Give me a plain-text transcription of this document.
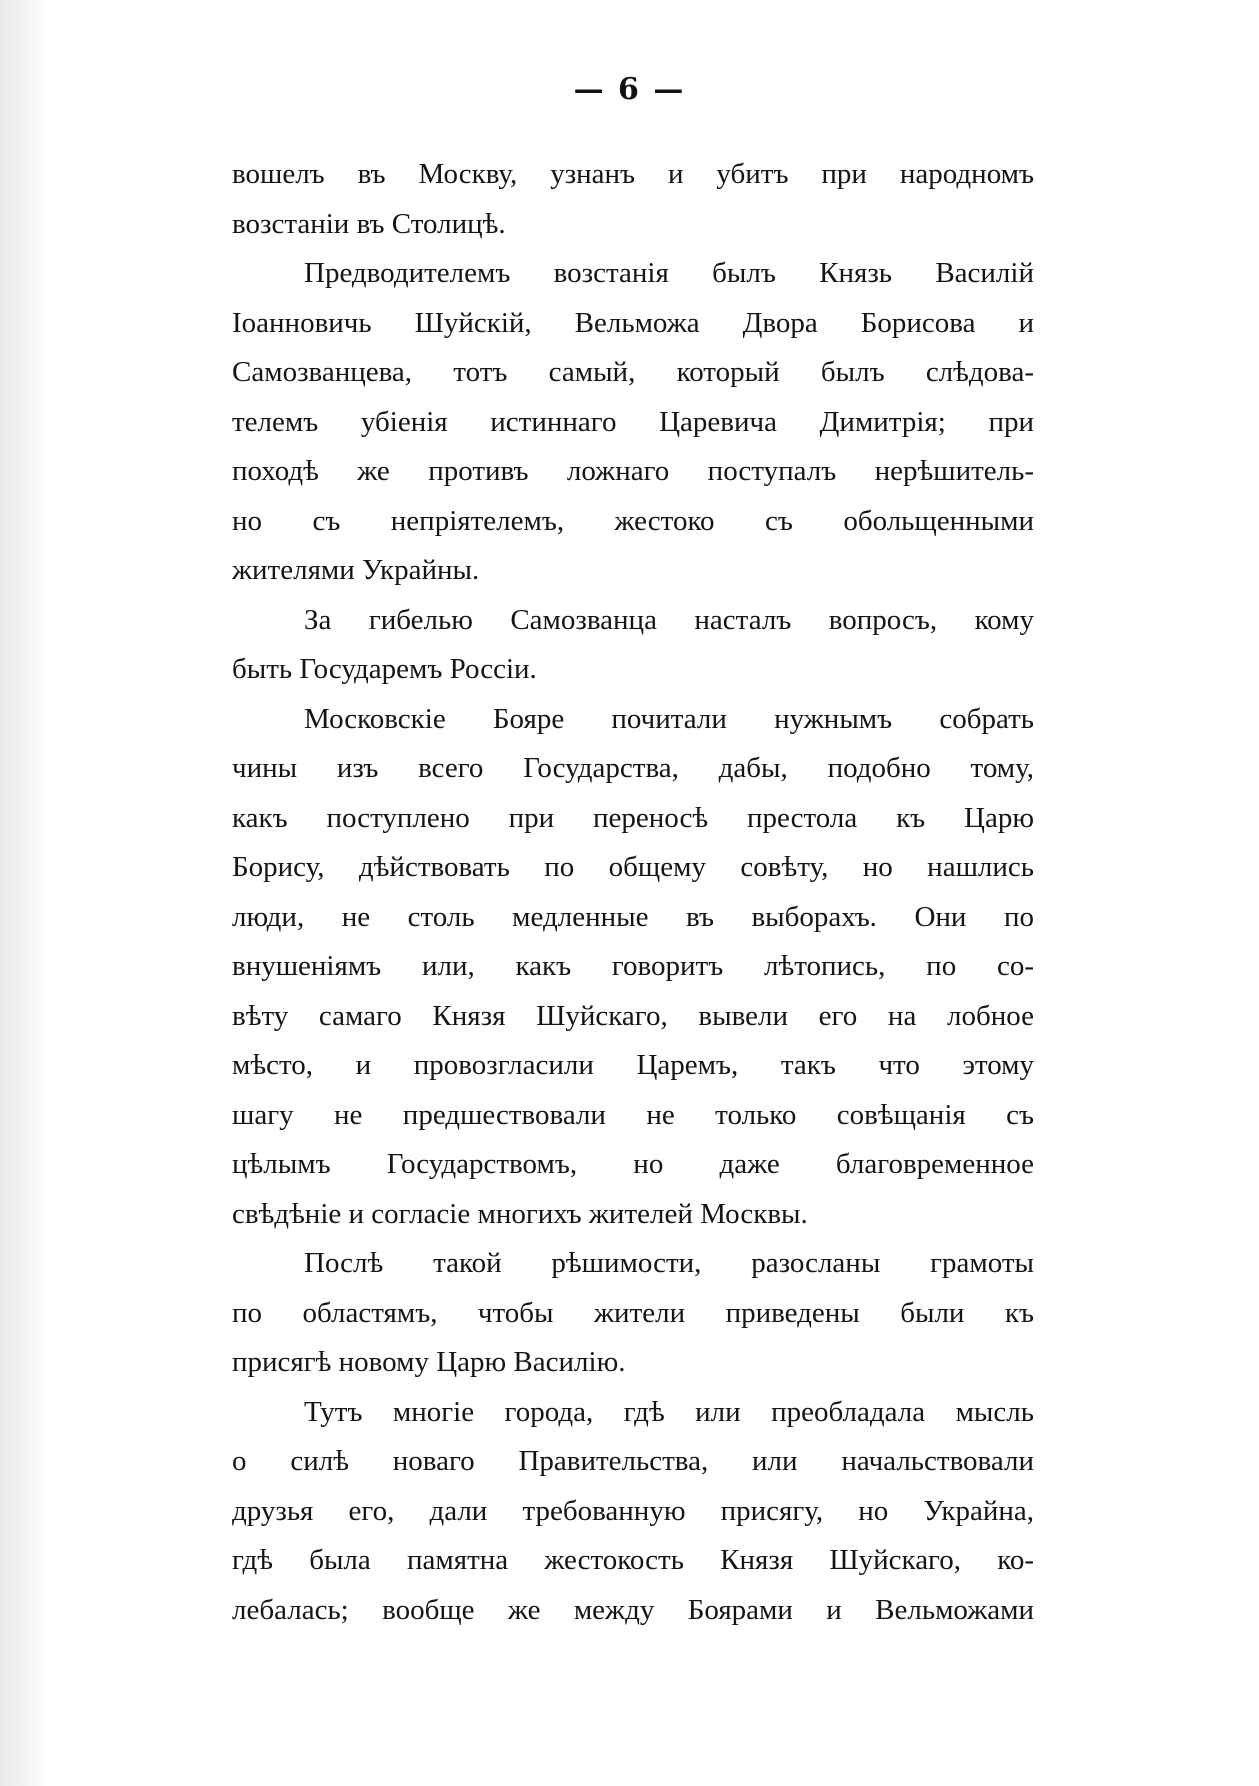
— 6 —
вошелъ въ Москву, узнанъ и убитъ при народномъ
возстаніи въ Столицѣ.
Предводителемъ возстанія былъ Князь Василій
Іоанновичь Шуйскій, Вельможа Двора Борисова и
Самозванцева, тотъ самый, который былъ слѣдова-
телемъ убіенія истиннаго Царевича Димитрія; при
походѣ же противъ ложнаго поступалъ нерѣшитель-
но съ непріятелемъ, жестоко съ обольщенными
жителями Украйны.
За гибелью Самозванца насталъ вопросъ, кому
быть Государемъ Россіи.
Московскіе Бояре почитали нужнымъ собрать
чины изъ всего Государства, дабы, подобно тому,
какъ поступлено при переносѣ престола къ Царю
Борису, дѣйствовать по общему совѣту, но нашлись
люди, не столь медленные въ выборахъ. Они по
внушеніямъ или, какъ говоритъ лѣтопись, по со-
вѣту самаго Князя Шуйскаго, вывели его на лобное
мѣсто, и провозгласили Царемъ, такъ что этому
шагу не предшествовали не только совѣщанія съ
цѣлымъ Государствомъ, но даже благовременное
свѣдѣніе и согласіе многихъ жителей Москвы.
Послѣ такой рѣшимости, разосланы грамоты
по областямъ, чтобы жители приведены были къ
присягѣ новому Царю Василію.
Тутъ многіе города, гдѣ или преобладала мысль
о силѣ новаго Правительства, или начальствовали
друзья его, дали требованную присягу, но Украйна,
гдѣ была памятна жестокость Князя Шуйскаго, ко-
лебалась; вообще же между Боярами и Вельможами
